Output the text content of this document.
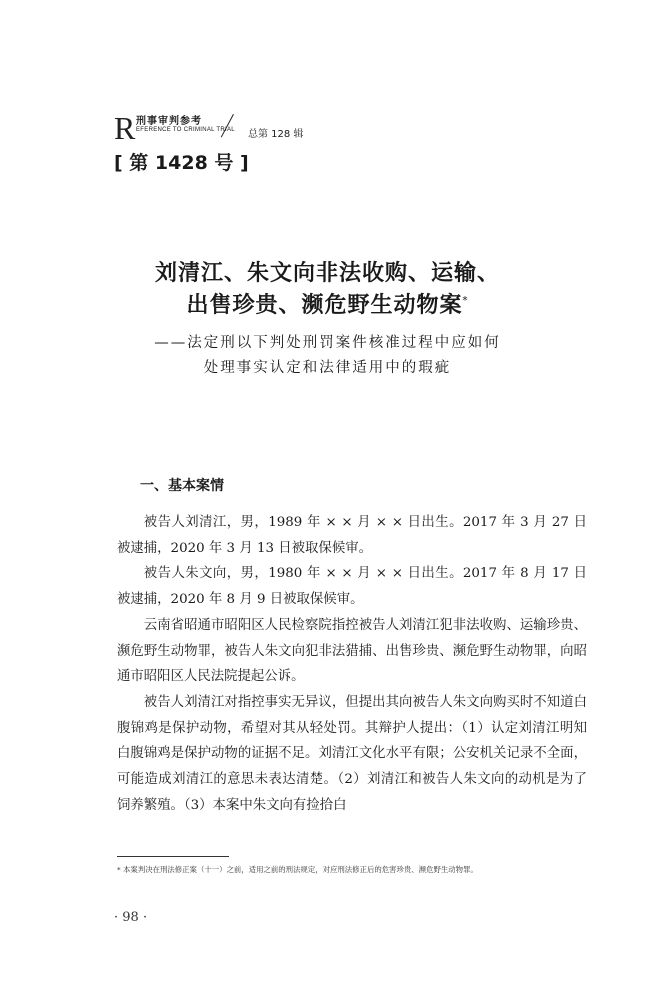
R 刑事审判参考
EFERENCE TO CRIMINAL TRIAL 总第 128 辑
[ 第 1428 号 ]
刘清江、朱文向非法收购、运输、
出售珍贵、濒危野生动物案*
——法定刑以下判处刑罚案件核准过程中应如何
处理事实认定和法律适用中的瑕疵
一、基本案情

被告人刘清江，男，1989 年 × × 月 × × 日出生。2017 年 3 月 27 日被逮捕，2020 年 3 月 13 日被取保候审。

被告人朱文向，男，1980 年 × × 月 × × 日出生。2017 年 8 月 17 日被逮捕，2020 年 8 月 9 日被取保候审。

云南省昭通市昭阳区人民检察院指控被告人刘清江犯非法收购、运输珍贵、濒危野生动物罪，被告人朱文向犯非法猎捕、出售珍贵、濒危野生动物罪，向昭通市昭阳区人民法院提起公诉。

被告人刘清江对指控事实无异议，但提出其向被告人朱文向购买时不知道白腹锦鸡是保护动物，希望对其从轻处罚。其辩护人提出：（1）认定刘清江明知白腹锦鸡是保护动物的证据不足。刘清江文化水平有限；公安机关记录不全面，可能造成刘清江的意思未表达清楚。（2）刘清江和被告人朱文向的动机是为了饲养繁殖。（3）本案中朱文向有捡拾白

* 本案判决在刑法修正案（十一）之前，适用之前的刑法规定，对应刑法修正后的危害珍贵、濒危野生动物罪。
· 98 ·
